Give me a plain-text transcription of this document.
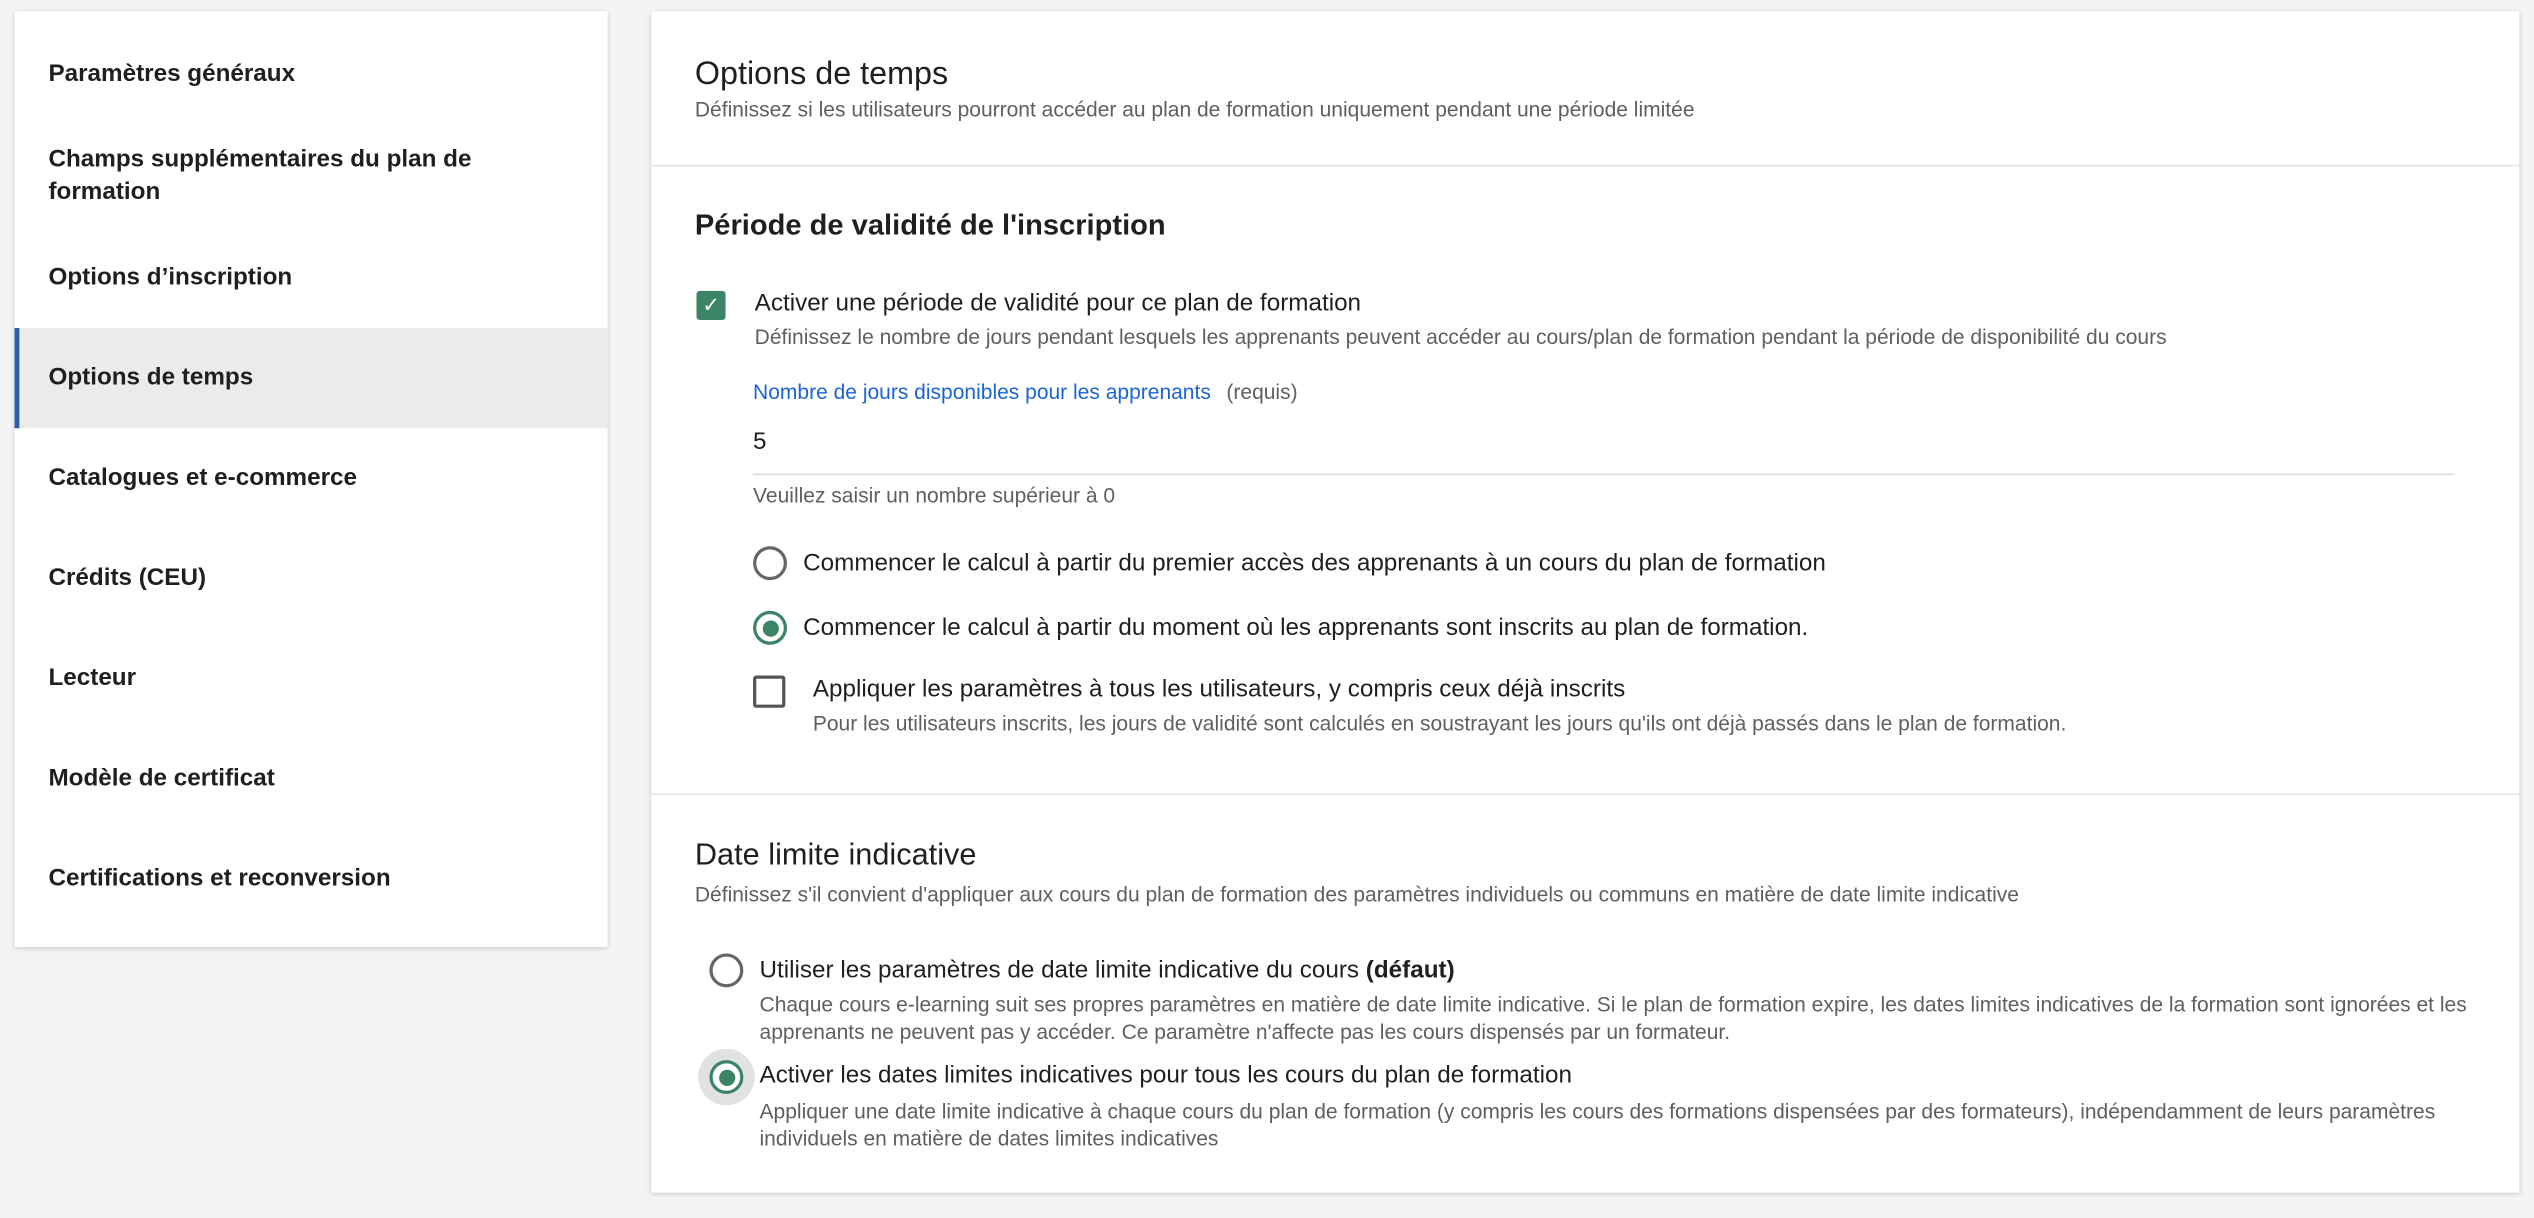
Paramètres généraux
Champs supplémentaires du plan de formation
Options d’inscription
Options de temps
Catalogues et e-commerce
Crédits (CEU)
Lecteur
Modèle de certificat
Certifications et reconversion
Options de temps
Définissez si les utilisateurs pourront accéder au plan de formation uniquement pendant une période limitée
Période de validité de l'inscription
✓	Activer une période de validité pour ce plan de formation
Définissez le nombre de jours pendant lesquels les apprenants peuvent accéder au cours/plan de formation pendant la période de disponibilité du cours
Nombre de jours disponibles pour les apprenants (requis)
5
Veuillez saisir un nombre supérieur à 0
Commencer le calcul à partir du premier accès des apprenants à un cours du plan de formation
Commencer le calcul à partir du moment où les apprenants sont inscrits au plan de formation.
Appliquer les paramètres à tous les utilisateurs, y compris ceux déjà inscrits
Pour les utilisateurs inscrits, les jours de validité sont calculés en soustrayant les jours qu'ils ont déjà passés dans le plan de formation.
Date limite indicative
Définissez s'il convient d'appliquer aux cours du plan de formation des paramètres individuels ou communs en matière de date limite indicative
Utiliser les paramètres de date limite indicative du cours (défaut)
Chaque cours e-learning suit ses propres paramètres en matière de date limite indicative. Si le plan de formation expire, les dates limites indicatives de la formation sont ignorées et les apprenants ne peuvent pas y accéder. Ce paramètre n'affecte pas les cours dispensés par un formateur.
Activer les dates limites indicatives pour tous les cours du plan de formation
Appliquer une date limite indicative à chaque cours du plan de formation (y compris les cours des formations dispensées par des formateurs), indépendamment de leurs paramètres individuels en matière de dates limites indicatives
